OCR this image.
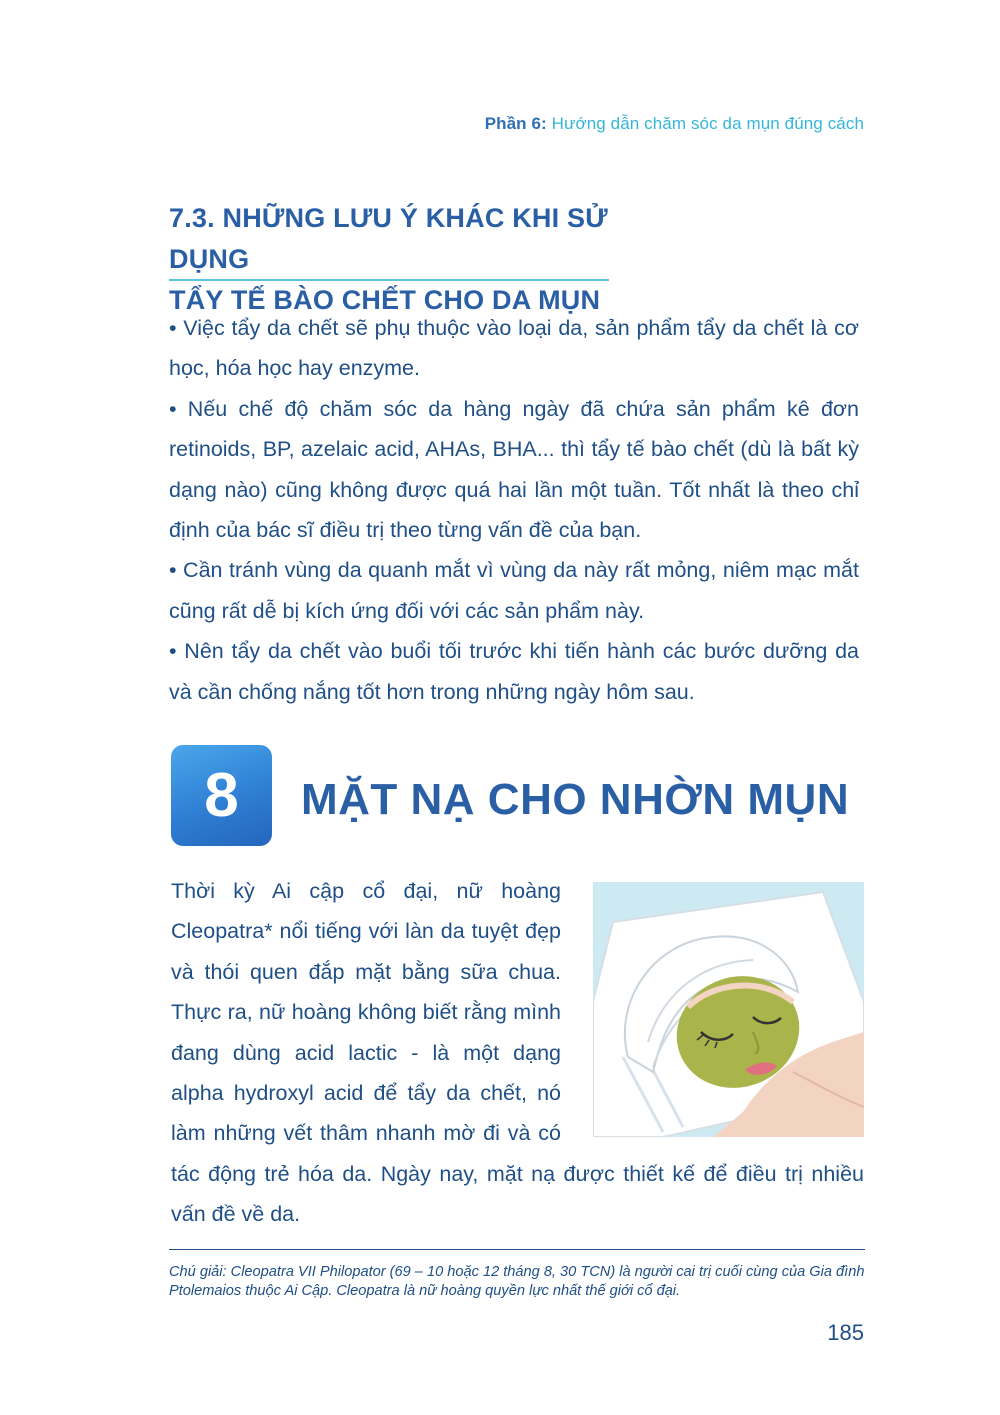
Phần 6: Hướng dẫn chăm sóc da mụn đúng cách
7.3. NHỮNG LƯU Ý KHÁC KHI SỬ DỤNG
TẨY TẾ BÀO CHẾT CHO DA MỤN

• Việc tẩy da chết sẽ phụ thuộc vào loại da, sản phẩm tẩy da chết là cơ học, hóa học hay enzyme.

• Nếu chế độ chăm sóc da hàng ngày đã chứa sản phẩm kê đơn retinoids, BP, azelaic acid, AHAs, BHA... thì tẩy tế bào chết (dù là bất kỳ dạng nào) cũng không được quá hai lần một tuần. Tốt nhất là theo chỉ định của bác sĩ điều trị theo từng vấn đề của bạn.

• Cần tránh vùng da quanh mắt vì vùng da này rất mỏng, niêm mạc mắt cũng rất dễ bị kích ứng đối với các sản phẩm này.

• Nên tẩy da chết vào buổi tối trước khi tiến hành các bước dưỡng da và cần chống nắng tốt hơn trong những ngày hôm sau.

8	MẶT NẠ CHO NHỜN MỤN

Thời kỳ Ai cập cổ đại, nữ hoàng Cleopatra* nổi tiếng với làn da tuyệt đẹp và thói quen đắp mặt bằng sữa chua. Thực ra, nữ hoàng không biết rằng mình đang dùng acid lactic - là một dạng alpha hydroxyl acid để tẩy da chết, nó làm những vết thâm nhanh mờ đi và có tác động trẻ hóa da. Ngày nay, mặt nạ được thiết kế để điều trị nhiều vấn đề về da.

Chú giải: Cleopatra VII Philopator (69 – 10 hoặc 12 tháng 8, 30 TCN) là người cai trị cuối cùng của Gia đình Ptolemaios thuộc Ai Cập. Cleopatra là nữ hoàng quyền lực nhất thế giới cổ đại.

185
